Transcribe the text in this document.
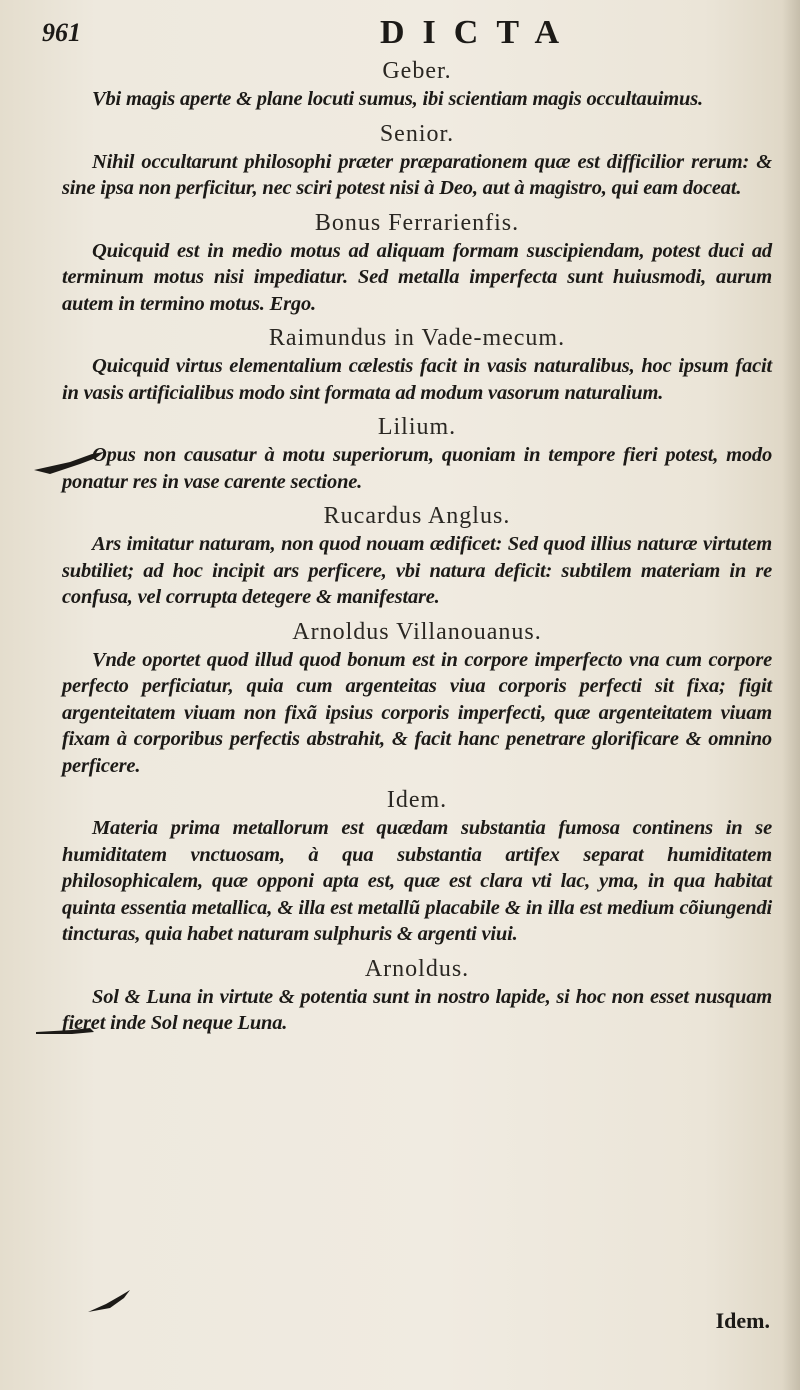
961	DICTA

Geber.

Vbi magis aperte & plane locuti sumus, ibi scientiam magis occultauimus.

Senior.

Nihil occultarunt philosophi præter præparationem quæ est difficilior rerum: & sine ipsa non perficitur, nec sciri potest nisi à Deo, aut à magistro, qui eam doceat.

Bonus Ferrarienfis.

Quicquid est in medio motus ad aliquam formam suscipiendam, potest duci ad terminum motus nisi impediatur. Sed metalla imperfecta sunt huiusmodi, aurum autem in termino motus. Ergo.

Raimundus in Vade-mecum.

Quicquid virtus elementalium cælestis facit in vasis naturalibus, hoc ipsum facit in vasis artificialibus modo sint formata ad modum vasorum naturalium.

Lilium.

Opus non causatur à motu superiorum, quoniam in tempore fieri potest, modo ponatur res in vase carente sectione.

Rucardus Anglus.

Ars imitatur naturam, non quod nouam ædificet: Sed quod illius naturæ virtutem subtiliet; ad hoc incipit ars perficere, vbi natura deficit: subtilem materiam in re confusa, vel corrupta detegere & manifestare.

Arnoldus Villanouanus.

Vnde oportet quod illud quod bonum est in corpore imperfecto vna cum corpore perfecto perficiatur, quia cum argenteitas viua corporis perfecti sit fixa; figit argenteitatem viuam non fixã ipsius corporis imperfecti, quæ argenteitatem viuam fixam à corporibus perfectis abstrahit, & facit hanc penetrare glorificare & omnino perficere.

Idem.

Materia prima metallorum est quædam substantia fumosa continens in se humiditatem vnctuosam, à qua substantia artifex separat humiditatem philosophicalem, quæ opponi apta est, quæ est clara vti lac, yma, in qua habitat quinta essentia metallica, & illa est metallũ placabile & in illa est medium cõiungendi tincturas, quia habet naturam sulphuris & argenti viui.

Arnoldus.

Sol & Luna in virtute & potentia sunt in nostro lapide, si hoc non esset nusquam fieret inde Sol neque Luna.

Idem.
